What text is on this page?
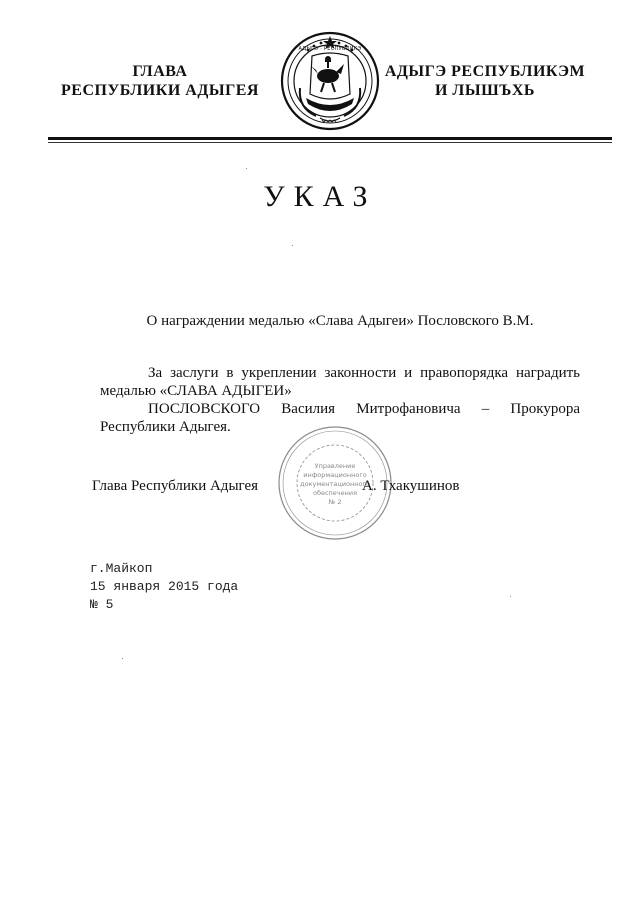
ГЛАВА
РЕСПУБЛИКИ АДЫГЕЯ
АДЫГЭ РЕСПУБЛИКЭМ
И ЛЫШЪХЬ
АДЫГЭ · РЕСПУБЛИКЭ
УКАЗ
О награждении медалью «Слава Адыгеи» Пословского В.М.

За заслуги в укреплении законности и правопорядка наградить медалью «СЛАВА АДЫГЕИ»

ПОСЛОВСКОГО Василия Митрофановича – Прокурора Республики Адыгея.

Управление
информационного
документационного
обеспечения
№ 2
Глава Республики Адыгея	А. Тхакушинов
г.Майкоп
15 января 2015 года
№ 5
